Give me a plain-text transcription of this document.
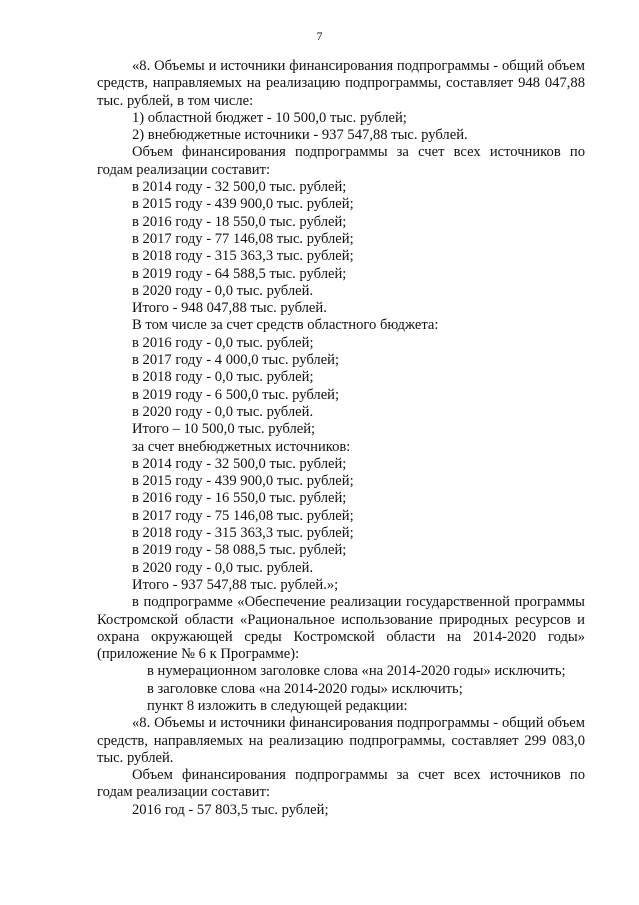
7

«8. Объемы и источники финансирования подпрограммы - общий объем средств, направляемых на реализацию подпрограммы, составляет 948 047,88 тыс. рублей, в том числе:

1) областной бюджет - 10 500,0 тыс. рублей;

2) внебюджетные источники - 937 547,88 тыс. рублей.

Объем финансирования подпрограммы за счет всех источников по годам реализации составит:

в 2014 году - 32 500,0 тыс. рублей;

в 2015 году - 439 900,0 тыс. рублей;

в 2016 году - 18 550,0 тыс. рублей;

в 2017 году - 77 146,08 тыс. рублей;

в 2018 году - 315 363,3 тыс. рублей;

в 2019 году - 64 588,5 тыс. рублей;

в 2020 году - 0,0 тыс. рублей.

Итого - 948 047,88 тыс. рублей.

В том числе за счет средств областного бюджета:

в 2016 году - 0,0 тыс. рублей;

в 2017 году - 4 000,0 тыс. рублей;

в 2018 году - 0,0 тыс. рублей;

в 2019 году - 6 500,0 тыс. рублей;

в 2020 году - 0,0 тыс. рублей.

Итого – 10 500,0 тыс. рублей;

за счет внебюджетных источников:

в 2014 году - 32 500,0 тыс. рублей;

в 2015 году - 439 900,0 тыс. рублей;

в 2016 году - 16 550,0 тыс. рублей;

в 2017 году - 75 146,08 тыс. рублей;

в 2018 году - 315 363,3 тыс. рублей;

в 2019 году - 58 088,5 тыс. рублей;

в 2020 году - 0,0 тыс. рублей.

Итого - 937 547,88 тыс. рублей.»;

в подпрограмме «Обеспечение реализации государственной программы Костромской области «Рациональное использование природных ресурсов и охрана окружающей среды Костромской области на 2014-2020 годы» (приложение № 6 к Программе):

в нумерационном заголовке слова «на 2014-2020 годы» исключить;

в заголовке слова «на 2014-2020 годы» исключить;

пункт 8 изложить в следующей редакции:

«8. Объемы и источники финансирования подпрограммы - общий объем средств, направляемых на реализацию подпрограммы, составляет 299 083,0 тыс. рублей.

Объем финансирования подпрограммы за счет всех источников по годам реализации составит:

2016 год - 57 803,5 тыс. рублей;
